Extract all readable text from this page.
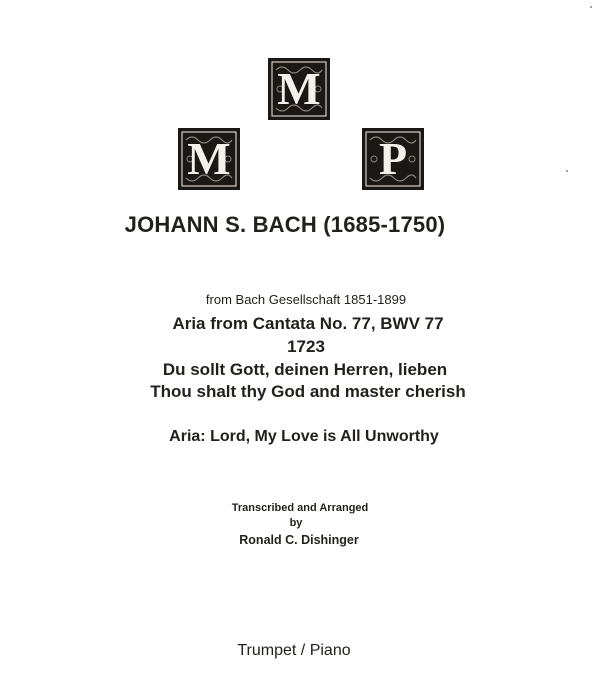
M
M
P
JOHANN S. BACH (1685-1750)
from Bach Gesellschaft 1851-1899
Aria from Cantata No. 77, BWV 77
1723
Du sollt Gott, deinen Herren, lieben
Thou shalt thy God and master cherish
Aria: Lord, My Love is All Unworthy
Transcribed and Arranged
by
Ronald C. Dishinger
Trumpet / Piano
